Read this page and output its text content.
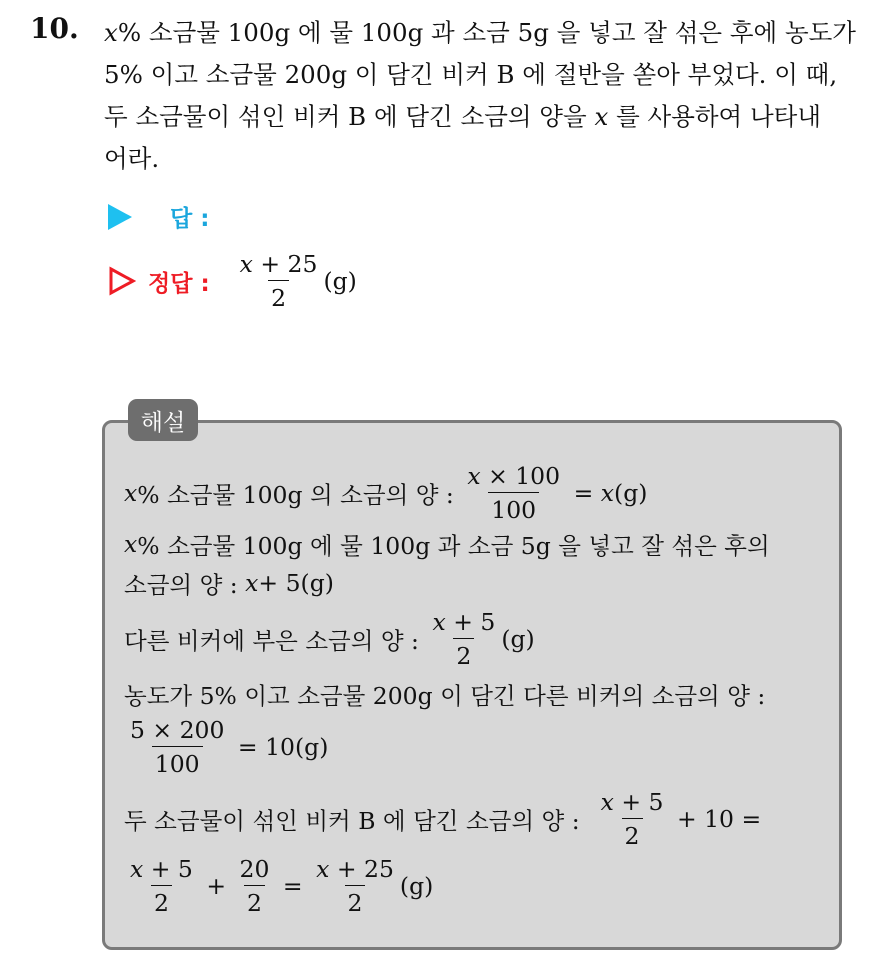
10. x% 소금물 100g 에 물 100g 과 소금 5g 을 넣고 잘 섞은 후에 농도가
5% 이고 소금물 200g 이 담긴 비커 B 에 절반을 쏟아 부었다. 이 때,
두 소금물이 섞인 비커 B 에 담긴 소금의 양을 x 를 사용하여 나타내
어라.
답 :
정답 : $\frac{x + 25}{2} (g)$
해설
x % 소금물 100g 의 소금의 양 :
$\frac{x \times 100}{100}$
=
x (g)
x % 소금물 100g 에 물 100g 과 소금 5g 을 넣고 잘 섞은 후의
소금의 양 :
x + 5(g)
다른 비커에 부은 소금의 양 :
$\frac{x + 5}{2} (g)$
농도가 5% 이고 소금물 200g 이 담긴 다른 비커의 소금의 양 :
$\frac{5 \times 200}{100}$
= 10(g)
두 소금물이 섞인 비커 B 에 담긴 소금의 양 :
$\frac{x + 5}{2}$
+ 10 =
$\frac{x + 5}{2}$
+
$\frac{20}{2}$
=
$\frac{x + 25}{2} (g)$
